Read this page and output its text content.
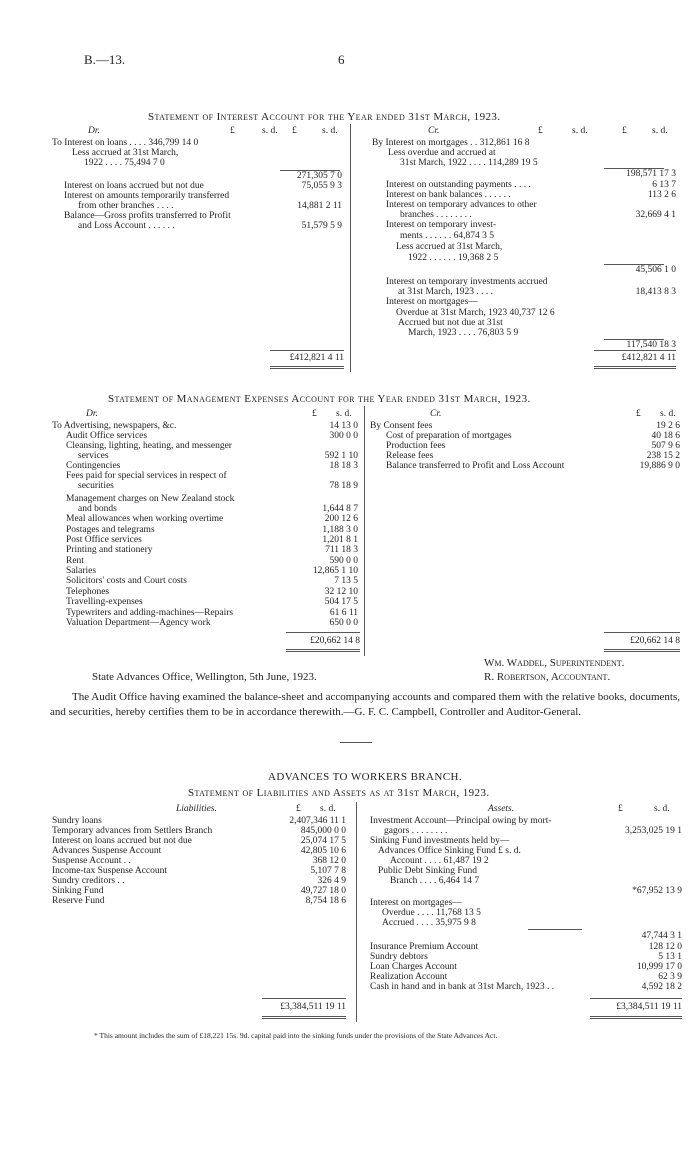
B.—13.	6
Statement of Interest Account for the Year ended 31st March, 1923.
Dr.	£	s. d. £	s. d.	Cr.	£	s. d.	£	s. d.
To Interest on loans . . . . 346,799 14 0
Less accrued at 31st March,
1922 . . . . 75,494 7 0
271,305 7 0
Interest on loans accrued but not due	75,055 9 3
Interest on amounts temporarily transferred
from other branches . . . .	14,881 2 11
Balance—Gross profits transferred to Profit
and Loss Account . . . . . .	51,579 5 9
By Interest on mortgages . . 312,861 16 8
Less overdue and accrued at
31st March, 1922 . . . . 114,289 19 5
198,571 17 3
Interest on outstanding payments . . . .	6 13 7
Interest on bank balances . . . . . .	113 2 6
Interest on temporary advances to other
branches . . . . . . . .	32,669 4 1
Interest on temporary invest-
ments . . . . . . 64,874 3 5
Less accrued at 31st March,
1922 . . . . . . 19,368 2 5
45,506 1 0
Interest on temporary investments accrued
at 31st March, 1923 . . . .	18,413 8 3
Interest on mortgages—
Overdue at 31st March, 1923 40,737 12 6
Accrued but not due at 31st
March, 1923 . . . . 76,803 5 9
117,540 18 3
£412,821 4 11	£412,821 4 11
Statement of Management Expenses Account for the Year ended 31st March, 1923.
Dr.	£ s. d.	Cr.	£ s. d.
To Advertising, newspapers, &c.	14 13 0
Audit Office services	300 0 0
Cleansing, lighting, heating, and messenger
services	592 1 10
Contingencies	18 18 3
Fees paid for special services in respect of
securities	78 18 9
Management charges on New Zealand stock
and bonds	1,644 8 7
Meal allowances when working overtime	200 12 6
Postages and telegrams	1,188 3 0
Post Office services	1,201 8 1
Printing and stationery	711 18 3
Rent	590 0 0
Salaries	12,865 1 10
Solicitors' costs and Court costs	7 13 5
Telephones	32 12 10
Travelling-expenses	504 17 5
Typewriters and adding-machines—Repairs	61 6 11
Valuation Department—Agency work	650 0 0
By Consent fees	19 2 6
Cost of preparation of mortgages	40 18 6
Production fees	507 9 6
Release fees	238 15 2
Balance transferred to Profit and Loss Account	19,886 9 0
£20,662 14 8	£20,662 14 8
State Advances Office, Wellington, 5th June, 1923.
Wm. Waddel, Superintendent.
R. Robertson, Accountant.
The Audit Office having examined the balance-sheet and accompanying accounts and compared them with the relative books, documents, and securities, hereby certifies them to be in accordance therewith.—G. F. C. Campbell, Controller and Auditor-General.
ADVANCES TO WORKERS BRANCH.
Statement of Liabilities and Assets as at 31st March, 1923.
Liabilities.	£ s. d.	Assets.	£	s. d.
Sundry loans	2,407,346 11 1
Temporary advances from Settlers Branch	845,000 0 0
Interest on loans accrued but not due	25,074 17 5
Advances Suspense Account	42,805 10 6
Suspense Account . .	368 12 0
Income-tax Suspense Account	5,107 7 8
Sundry creditors . .	326 4 9
Sinking Fund	49,727 18 0
Reserve Fund	8,754 18 6
Investment Account—Principal owing by mort-
gagors . . . . . . . .	3,253,025 19 1
Sinking Fund investments held by—
Advances Office Sinking Fund £ s. d.
Account . . . . 61,487 19 2
Public Debt Sinking Fund
Branch . . . . 6,464 14 7
*67,952 13 9
Interest on mortgages—
Overdue . . . . 11,768 13 5
Accrued . . . . 35,975 9 8
47,744 3 1
Insurance Premium Account	128 12 0
Sundry debtors	5 13 1
Loan Charges Account	10,999 17 0
Realization Account	62 3 9
Cash in hand and in bank at 31st March, 1923 . .	4,592 18 2
£3,384,511 19 11	£3,384,511 19 11
* This amount includes the sum of £18,221 15s. 9d. capital paid into the sinking funds under the provisions of the State Advances Act.
